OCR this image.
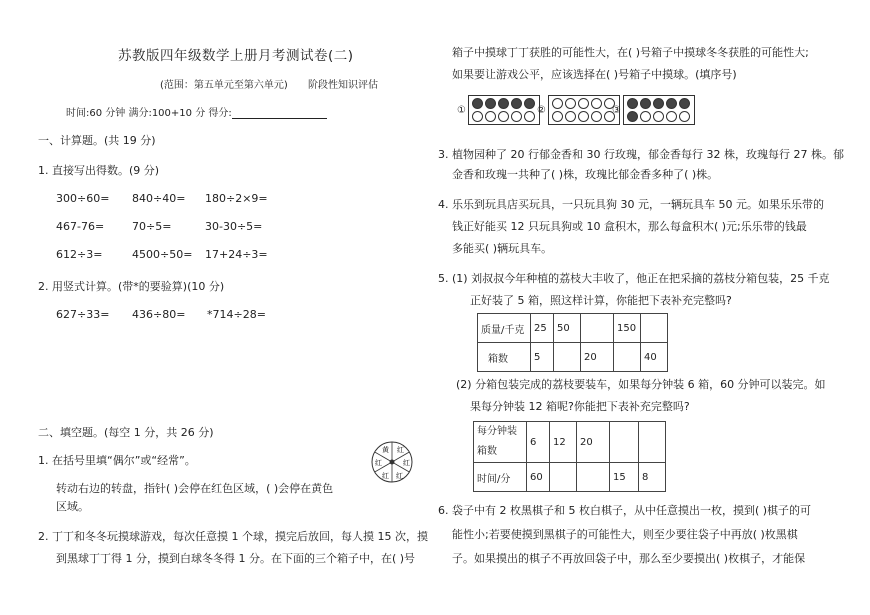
苏教版四年级数学上册月考测试卷(二)
(范围：第五单元至第六单元) 阶段性知识评估
时间:60 分钟 满分:100+10 分 得分:
一、计算题。(共 19 分)
1. 直接写出得数。(9 分)
300÷60= 840÷40= 180÷2×9=
467-76=	70÷5=	30-30÷5=
612÷3=	4500÷50= 17+24÷3=
2. 用竖式计算。(带*的要验算)(10 分)
627÷33= 436÷80= *714÷28=
二、填空题。(每空 1 分，共 26 分)
1. 在括号里填“偶尔”或“经常”。
转动右边的转盘，指针( )会停在红色区域，( )会停在黄色
区域。
红
红
红
红
红
黄
2. 丁丁和冬冬玩摸球游戏，每次任意摸 1 个球，摸完后放回，每人摸 15 次，摸
到黑球丁丁得 1 分，摸到白球冬冬得 1 分。在下面的三个箱子中，在( )号
箱子中摸球丁丁获胜的可能性大，在( )号箱子中摸球冬冬获胜的可能性大;
如果要让游戏公平，应该选择在( )号箱子中摸球。(填序号)
①	②	③
3. 植物园种了 20 行郁金香和 30 行玫瑰，郁金香每行 32 株，玫瑰每行 27 株。郁
金香和玫瑰一共种了( )株，玫瑰比郁金香多种了( )株。
4. 乐乐到玩具店买玩具，一只玩具狗 30 元，一辆玩具车 50 元。如果乐乐带的
钱正好能买 12 只玩具狗或 10 盒积木，那么每盒积木( )元;乐乐带的钱最
多能买( )辆玩具车。
5. (1) 刘叔叔今年种植的荔枝大丰收了，他正在把采摘的荔枝分箱包装，25 千克
正好装了 5 箱，照这样计算，你能把下表补充完整吗?
质量/千克	25	50		150	
箱数	5		20		40
(2) 分箱包装完成的荔枝要装车，如果每分钟装 6 箱，60 分钟可以装完。如
果每分钟装 12 箱呢?你能把下表补充完整吗?
每分钟装
箱数	6	12	20		
时间/分	60			15	8
6. 袋子中有 2 枚黑棋子和 5 枚白棋子，从中任意摸出一枚，摸到( )棋子的可
能性小;若要使摸到黑棋子的可能性大，则至少要往袋子中再放( )枚黑棋
子。如果摸出的棋子不再放回袋子中，那么至少要摸出( )枚棋子，才能保
